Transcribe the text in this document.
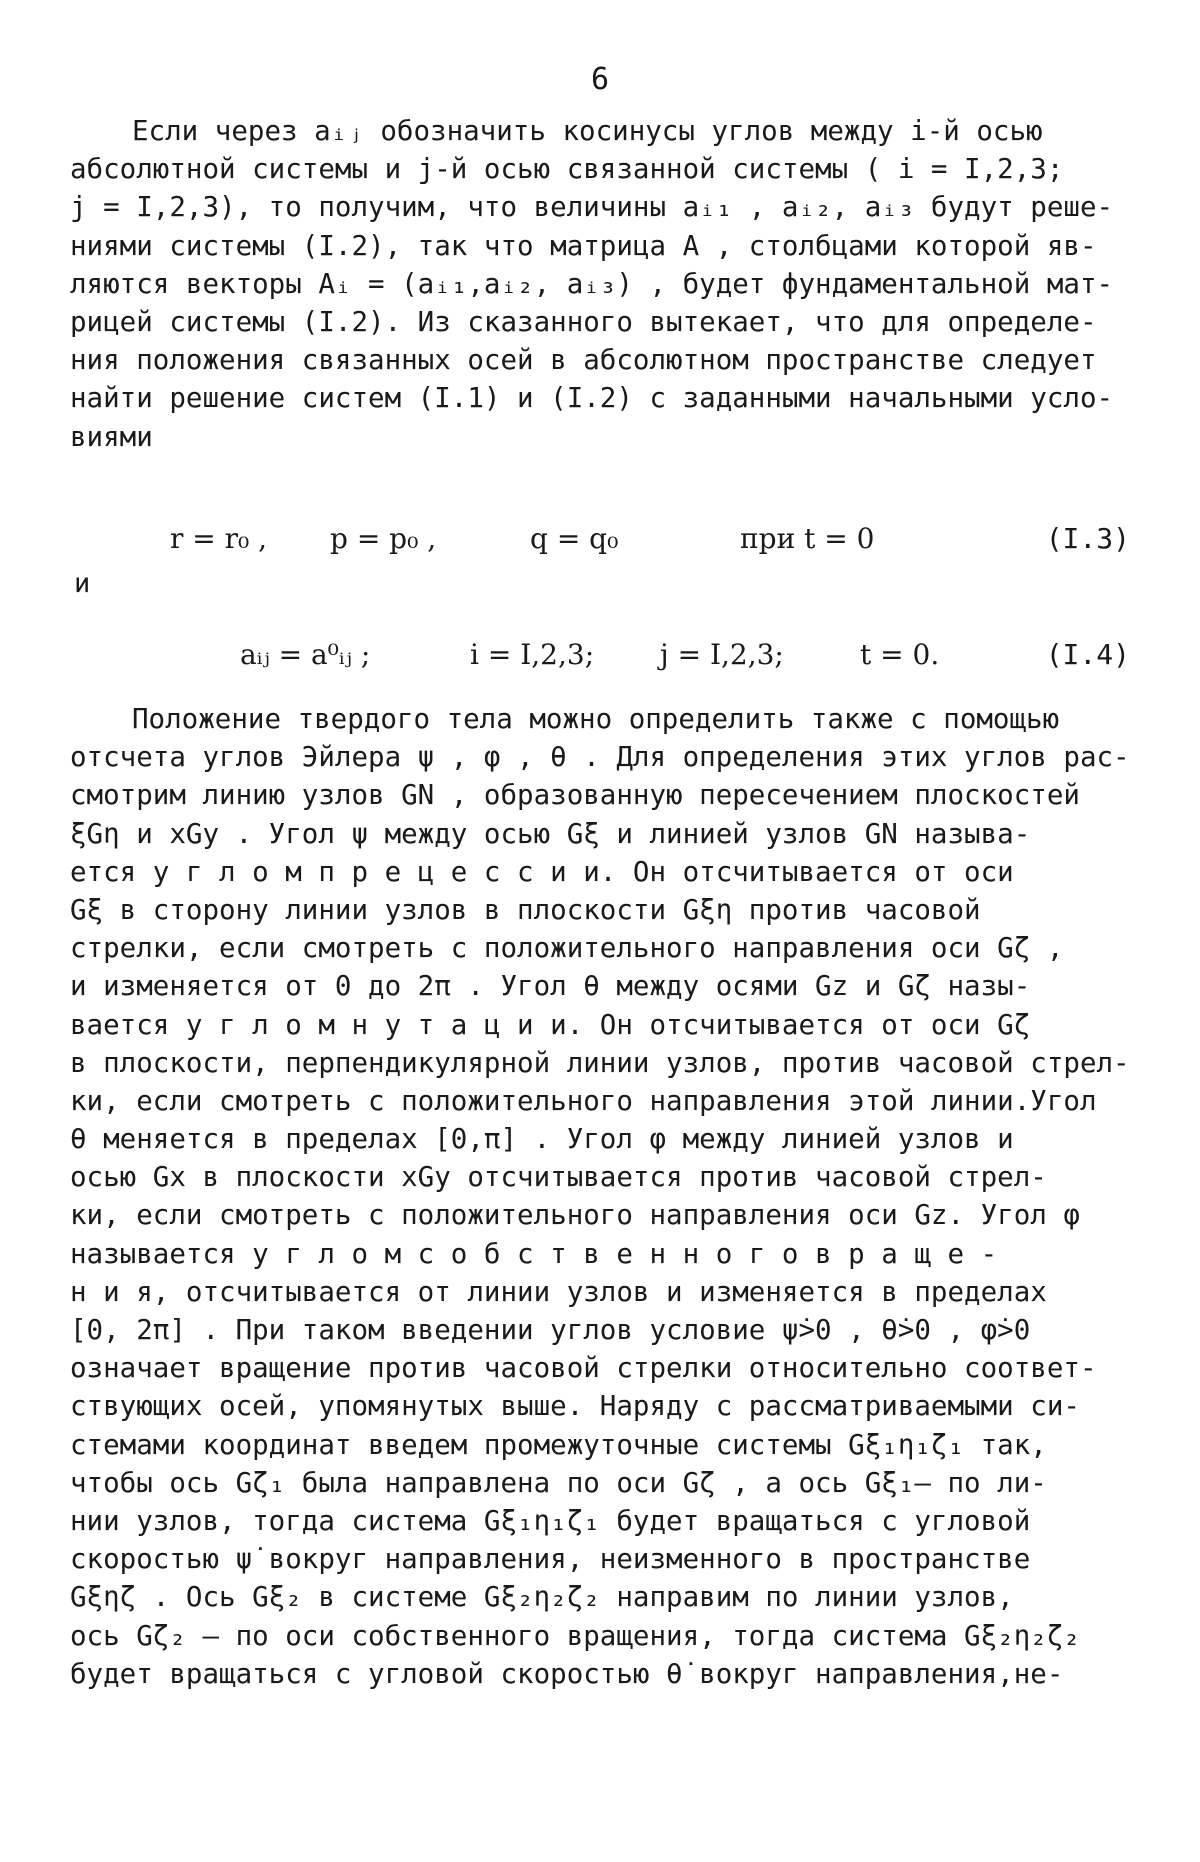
6
Если через aᵢⱼ обозначить косинусы углов между i-й осью
абсолютной системы и j-й осью связанной системы ( i = I,2,3;
j = I,2,3), то получим, что величины aᵢ₁ , aᵢ₂, aᵢ₃ будут реше-
ниями системы (I.2), так что матрица A , столбцами которой яв-
ляются векторы Aᵢ = (aᵢ₁,aᵢ₂, aᵢ₃) , будет фундаментальной мат-
рицей системы (I.2). Из сказанного вытекает, что для определе-
ния положения связанных осей в абсолютном пространстве следует
найти решение систем (I.1) и (I.2) с заданными начальными усло-
виями
r = r₀ , p = p₀ ,	q = q₀	при t = 0	(I.3)
и
aᵢⱼ = a⁰ᵢⱼ ;	i = I,2,3; j = I,2,3;	t = 0.	(I.4)
Положение твердого тела можно определить также с помощью
отсчета углов Эйлера ψ , φ , θ . Для определения этих углов рас-
смотрим линию узлов GN , образованную пересечением плоскостей
ξGη и xGy . Угол ψ между осью Gξ и линией узлов GN называ-
ется у г л о м п р е ц е с с и и. Он отсчитывается от оси
Gξ в сторону линии узлов в плоскости Gξη против часовой
стрелки, если смотреть с положительного направления оси Gζ ,
и изменяется от 0 до 2π . Угол θ между осями Gz и Gζ назы-
вается у г л о м н у т а ц и и. Он отсчитывается от оси Gζ
в плоскости, перпендикулярной линии узлов, против часовой стрел-
ки, если смотреть с положительного направления этой линии.Угол
θ меняется в пределах [0,π] . Угол φ между линией узлов и
осью Gx в плоскости xGy отсчитывается против часовой стрел-
ки, если смотреть с положительного направления оси Gz. Угол φ
называется у г л о м с о б с т в е н н о г о в р а щ е -
н и я, отсчитывается от линии узлов и изменяется в пределах
[0, 2π] . При таком введении углов условие ψ̇>0 , θ̇>0 , φ̇>0
означает вращение против часовой стрелки относительно соответ-
ствующих осей, упомянутых выше. Наряду с рассматриваемыми си-
стемами координат введем промежуточные системы Gξ₁η₁ζ₁ так,
чтобы ось Gζ₁ была направлена по оси Gζ , а ось Gξ₁– по ли-
нии узлов, тогда система Gξ₁η₁ζ₁ будет вращаться с угловой
скоростью ψ̇ вокруг направления, неизменного в пространстве
Gξηζ . Ось Gξ₂ в системе Gξ₂η₂ζ₂ направим по линии узлов,
ось Gζ₂ – по оси собственного вращения, тогда система Gξ₂η₂ζ₂
будет вращаться с угловой скоростью θ̇ вокруг направления,не-
